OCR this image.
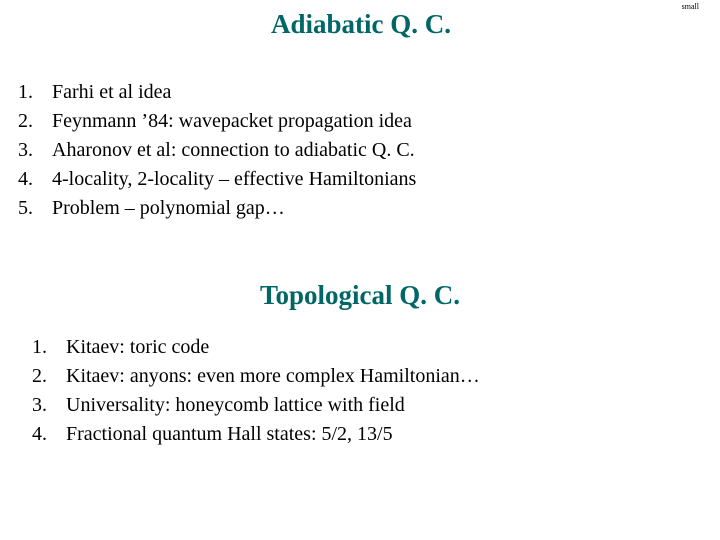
small
Adiabatic Q. C.
1. Farhi et al idea
2. Feynmann ’84: wavepacket propagation idea
3. Aharonov et al: connection to adiabatic Q. C.
4. 4-locality, 2-locality – effective Hamiltonians
5. Problem – polynomial gap…
Topological Q. C.
1. Kitaev: toric code
2. Kitaev: anyons: even more complex Hamiltonian…
3. Universality: honeycomb lattice with field
4. Fractional quantum Hall states: 5/2, 13/5
